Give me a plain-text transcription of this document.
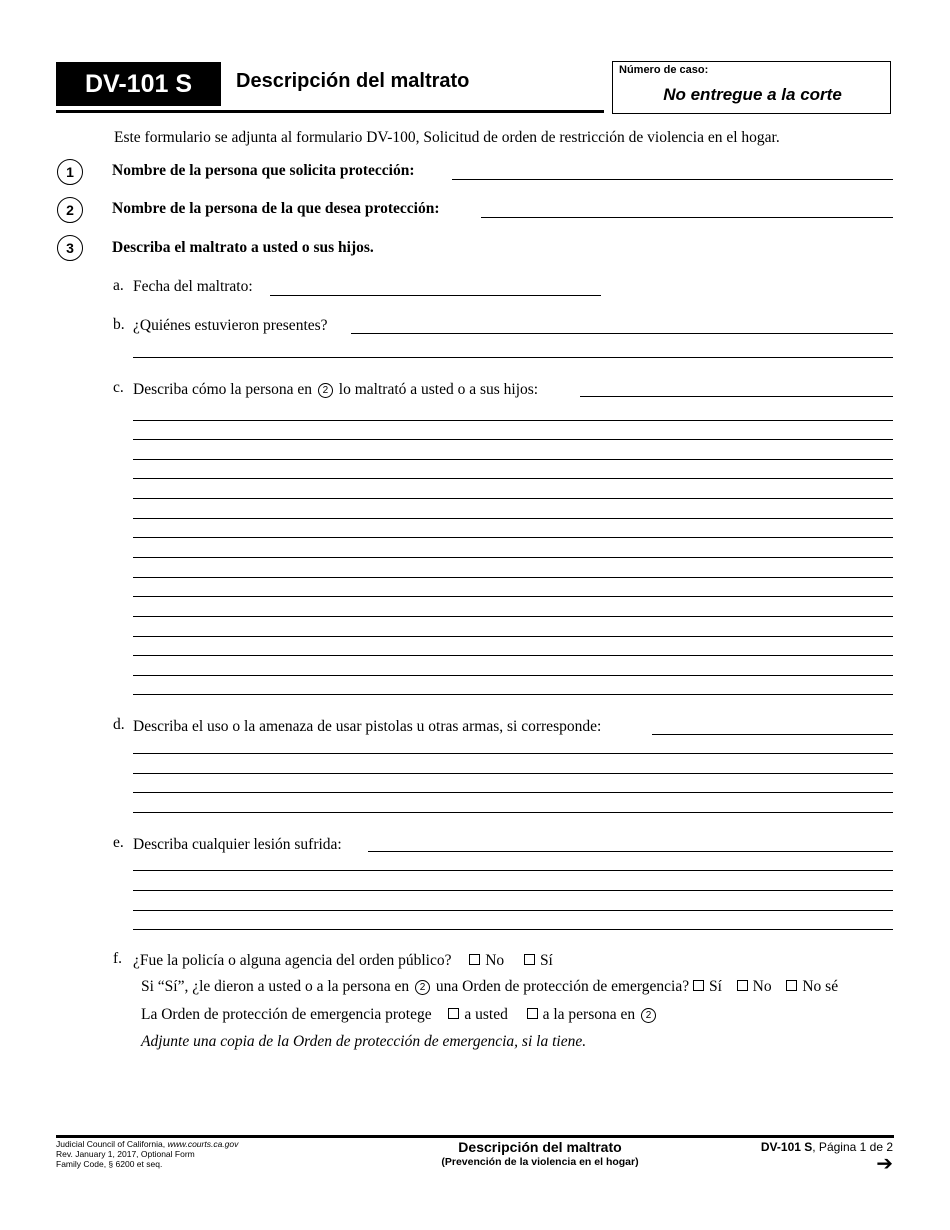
DV-101 S	Descripción del maltrato	Número de caso:
No entregue a la corte
Este formulario se adjunta al formulario DV-100, Solicitud de orden de restricción de violencia en el hogar.
1	Nombre de la persona que solicita protección:
2	Nombre de la persona de la que desea protección:
3	Describa el maltrato a usted o sus hijos.
a. Fecha del maltrato:
b. ¿Quiénes estuvieron presentes?
c. Describa cómo la persona en 2 lo maltrató a usted o a sus hijos:
d. Describa el uso o la amenaza de usar pistolas u otras armas, si corresponde:
e. Describa cualquier lesión sufrida:
f. ¿Fue la policía o alguna agencia del orden público? No Sí
Si “Sí”, ¿le dieron a usted o a la persona en 2 una Orden de protección de emergencia? Sí No No sé
La Orden de protección de emergencia protege a usted a la persona en 2
Adjunte una copia de la Orden de protección de emergencia, si la tiene.
Judicial Council of California, www.courts.ca.gov
Rev. January 1, 2017, Optional Form
Family Code, § 6200 et seq.
Descripción del maltrato
(Prevención de la violencia en el hogar)
DV-101 S, Página 1 de 2
➔
